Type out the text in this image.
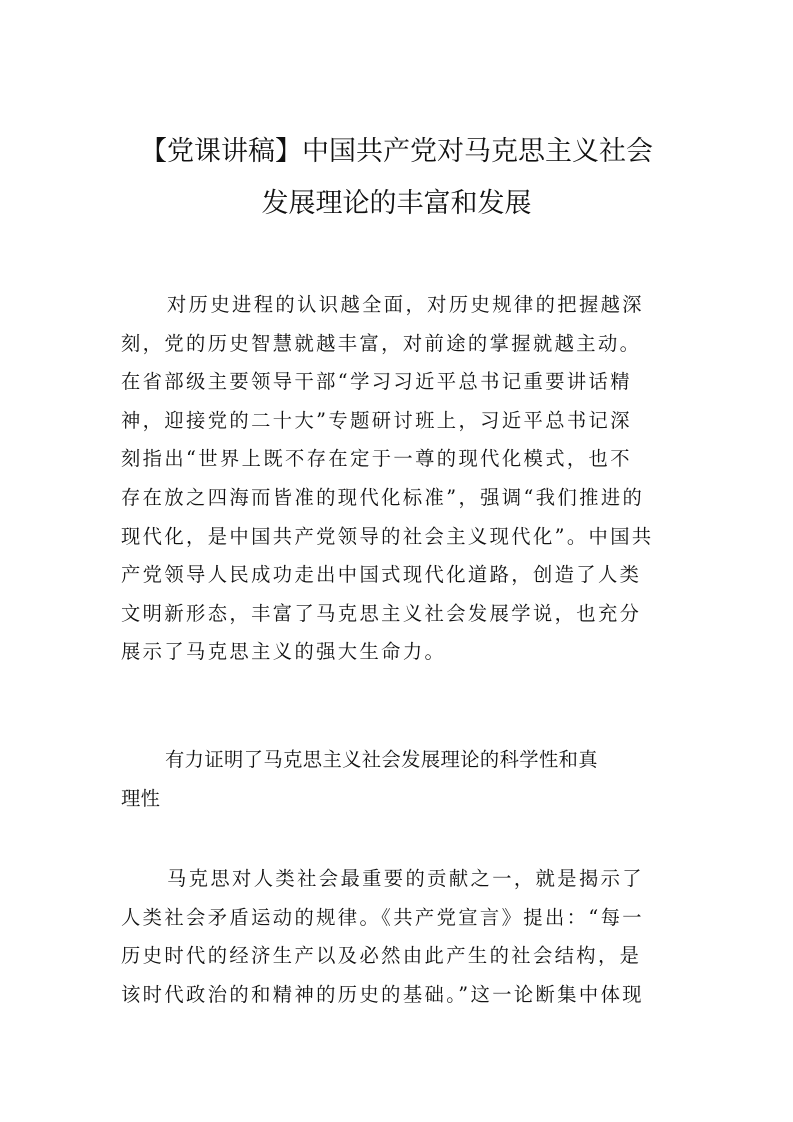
【党课讲稿】中国共产党对马克思主义社会
发展理论的丰富和发展

对历史进程的认识越全面，对历史规律的把握越深
刻，党的历史智慧就越丰富，对前途的掌握就越主动。
在省部级主要领导干部“学习习近平总书记重要讲话精
神，迎接党的二十大”专题研讨班上，习近平总书记深
刻指出“世界上既不存在定于一尊的现代化模式，也不
存在放之四海而皆准的现代化标准”，强调“我们推进的
现代化，是中国共产党领导的社会主义现代化”。中国共
产党领导人民成功走出中国式现代化道路，创造了人类
文明新形态，丰富了马克思主义社会发展学说，也充分
展示了马克思主义的强大生命力。

有力证明了马克思主义社会发展理论的科学性和真
理性

马克思对人类社会最重要的贡献之一，就是揭示了
人类社会矛盾运动的规律。《共产党宣言》提出：“每一
历史时代的经济生产以及必然由此产生的社会结构，是
该时代政治的和精神的历史的基础。”这一论断集中体现
